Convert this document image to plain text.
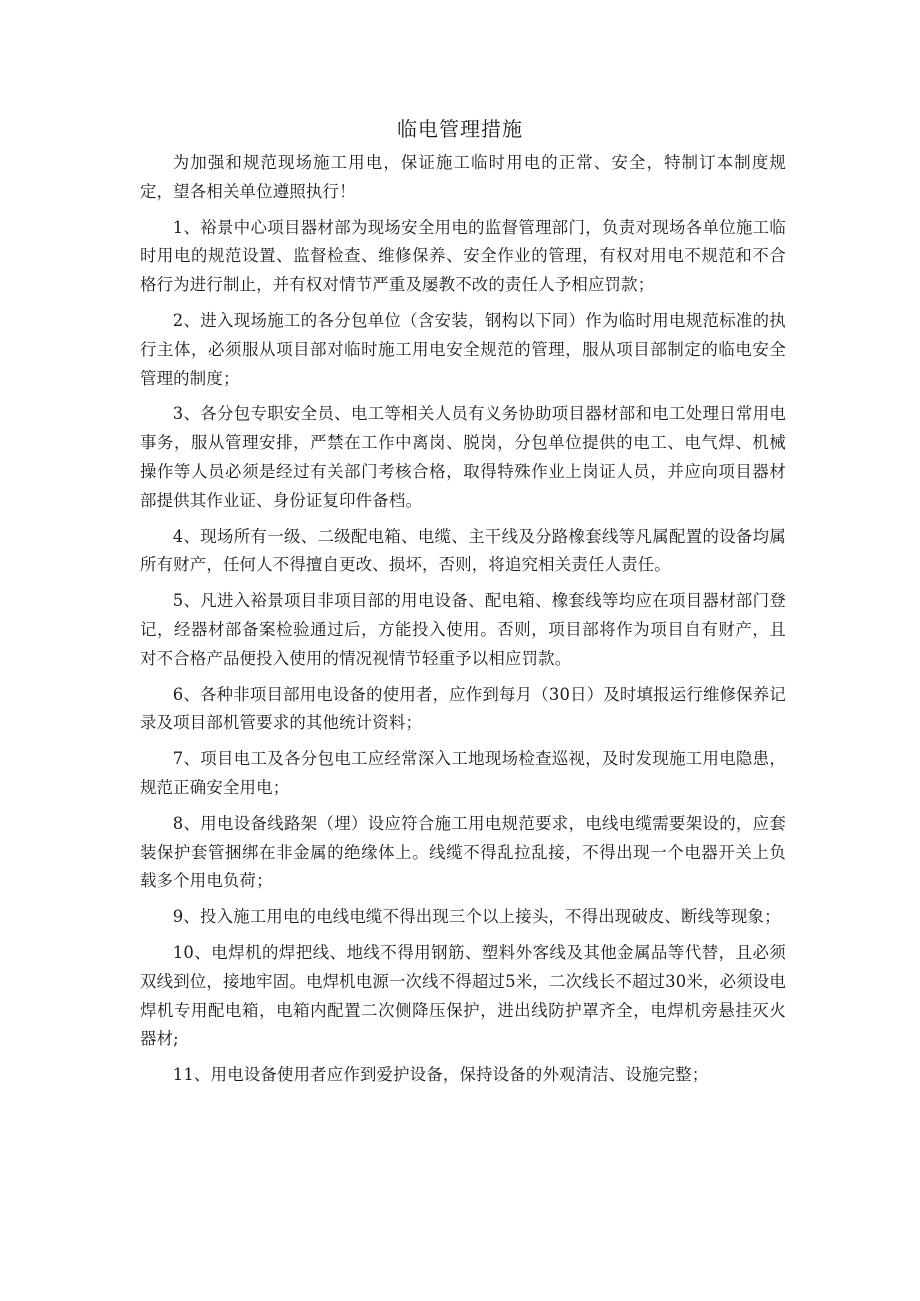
临电管理措施

为加强和规范现场施工用电，保证施工临时用电的正常、安全，特制订本制度规定，望各相关单位遵照执行！

1、裕景中心项目器材部为现场安全用电的监督管理部门，负责对现场各单位施工临时用电的规范设置、监督检查、维修保养、安全作业的管理，有权对用电不规范和不合格行为进行制止，并有权对情节严重及屡教不改的责任人予相应罚款；

2、进入现场施工的各分包单位（含安装，钢构以下同）作为临时用电规范标准的执行主体，必须服从项目部对临时施工用电安全规范的管理，服从项目部制定的临电安全管理的制度；

3、各分包专职安全员、电工等相关人员有义务协助项目器材部和电工处理日常用电事务，服从管理安排，严禁在工作中离岗、脱岗，分包单位提供的电工、电气焊、机械操作等人员必须是经过有关部门考核合格，取得特殊作业上岗证人员，并应向项目器材部提供其作业证、身份证复印件备档。

4、现场所有一级、二级配电箱、电缆、主干线及分路橡套线等凡属配置的设备均属所有财产，任何人不得擅自更改、损坏，否则，将追究相关责任人责任。

5、凡进入裕景项目非项目部的用电设备、配电箱、橡套线等均应在项目器材部门登记，经器材部备案检验通过后，方能投入使用。否则，项目部将作为项目自有财产，且对不合格产品便投入使用的情况视情节轻重予以相应罚款。

6、各种非项目部用电设备的使用者，应作到每月（30日）及时填报运行维修保养记录及项目部机管要求的其他统计资料；

7、项目电工及各分包电工应经常深入工地现场检查巡视，及时发现施工用电隐患，规范正确安全用电；

8、用电设备线路架（埋）设应符合施工用电规范要求，电线电缆需要架设的，应套装保护套管捆绑在非金属的绝缘体上。线缆不得乱拉乱接，不得出现一个电器开关上负载多个用电负荷；

9、投入施工用电的电线电缆不得出现三个以上接头，不得出现破皮、断线等现象；

10、电焊机的焊把线、地线不得用钢筋、塑料外客线及其他金属品等代替，且必须双线到位，接地牢固。电焊机电源一次线不得超过5米，二次线长不超过30米，必须设电焊机专用配电箱，电箱内配置二次侧降压保护，进出线防护罩齐全，电焊机旁悬挂灭火器材;

11、用电设备使用者应作到爱护设备，保持设备的外观清洁、设施完整；
